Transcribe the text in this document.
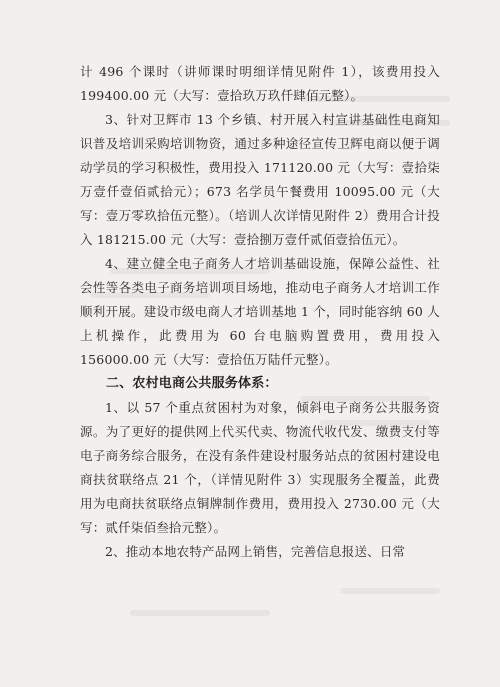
计 496 个课时（讲师课时明细详情见附件 1），该费用投入 199400.00 元（大写：壹拾玖万玖仟肆佰元整）。

3、针对卫辉市 13 个乡镇、村开展入村宣讲基础性电商知识普及培训采购培训物资，通过多种途径宣传卫辉电商以便于调动学员的学习积极性，费用投入 171120.00 元（大写：壹拾柒万壹仟壹佰贰拾元）；673 名学员午餐费用 10095.00 元（大写：壹万零玖拾伍元整）。（培训人次详情见附件 2）费用合计投入 181215.00 元（大写：壹拾捌万壹仟贰佰壹拾伍元）。

4、建立健全电子商务人才培训基础设施，保障公益性、社会性等各类电子商务培训项目场地，推动电子商务人才培训工作顺利开展。建设市级电商人才培训基地 1 个，同时能容纳 60 人上机操作，此费用为 60 台电脑购置费用，费用投入 156000.00 元（大写：壹拾伍万陆仟元整）。

二、农村电商公共服务体系：

1、以 57 个重点贫困村为对象，倾斜电子商务公共服务资源。为了更好的提供网上代买代卖、物流代收代发、缴费支付等电子商务综合服务，在没有条件建设村服务站点的贫困村建设电商扶贫联络点 21 个，（详情见附件 3）实现服务全覆盖，此费用为电商扶贫联络点铜牌制作费用，费用投入 2730.00 元（大写：贰仟柒佰叁拾元整）。

2、推动本地农特产品网上销售，完善信息报送、日常
